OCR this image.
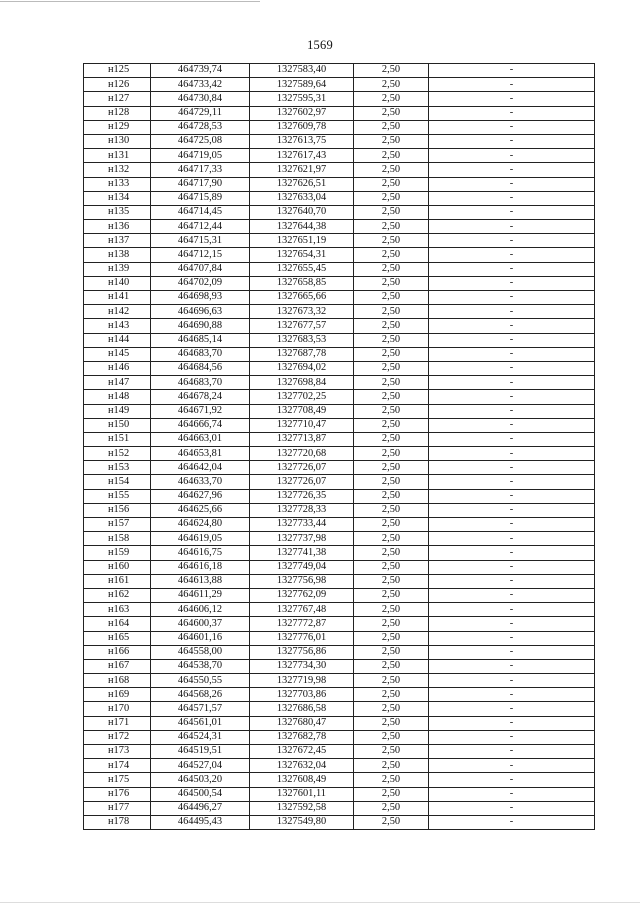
1569
н125	464739,74	1327583,40	2,50	-
н126	464733,42	1327589,64	2,50	-
н127	464730,84	1327595,31	2,50	-
н128	464729,11	1327602,97	2,50	-
н129	464728,53	1327609,78	2,50	-
н130	464725,08	1327613,75	2,50	-
н131	464719,05	1327617,43	2,50	-
н132	464717,33	1327621,97	2,50	-
н133	464717,90	1327626,51	2,50	-
н134	464715,89	1327633,04	2,50	-
н135	464714,45	1327640,70	2,50	-
н136	464712,44	1327644,38	2,50	-
н137	464715,31	1327651,19	2,50	-
н138	464712,15	1327654,31	2,50	-
н139	464707,84	1327655,45	2,50	-
н140	464702,09	1327658,85	2,50	-
н141	464698,93	1327665,66	2,50	-
н142	464696,63	1327673,32	2,50	-
н143	464690,88	1327677,57	2,50	-
н144	464685,14	1327683,53	2,50	-
н145	464683,70	1327687,78	2,50	-
н146	464684,56	1327694,02	2,50	-
н147	464683,70	1327698,84	2,50	-
н148	464678,24	1327702,25	2,50	-
н149	464671,92	1327708,49	2,50	-
н150	464666,74	1327710,47	2,50	-
н151	464663,01	1327713,87	2,50	-
н152	464653,81	1327720,68	2,50	-
н153	464642,04	1327726,07	2,50	-
н154	464633,70	1327726,07	2,50	-
н155	464627,96	1327726,35	2,50	-
н156	464625,66	1327728,33	2,50	-
н157	464624,80	1327733,44	2,50	-
н158	464619,05	1327737,98	2,50	-
н159	464616,75	1327741,38	2,50	-
н160	464616,18	1327749,04	2,50	-
н161	464613,88	1327756,98	2,50	-
н162	464611,29	1327762,09	2,50	-
н163	464606,12	1327767,48	2,50	-
н164	464600,37	1327772,87	2,50	-
н165	464601,16	1327776,01	2,50	-
н166	464558,00	1327756,86	2,50	-
н167	464538,70	1327734,30	2,50	-
н168	464550,55	1327719,98	2,50	-
н169	464568,26	1327703,86	2,50	-
н170	464571,57	1327686,58	2,50	-
н171	464561,01	1327680,47	2,50	-
н172	464524,31	1327682,78	2,50	-
н173	464519,51	1327672,45	2,50	-
н174	464527,04	1327632,04	2,50	-
н175	464503,20	1327608,49	2,50	-
н176	464500,54	1327601,11	2,50	-
н177	464496,27	1327592,58	2,50	-
н178	464495,43	1327549,80	2,50	-
